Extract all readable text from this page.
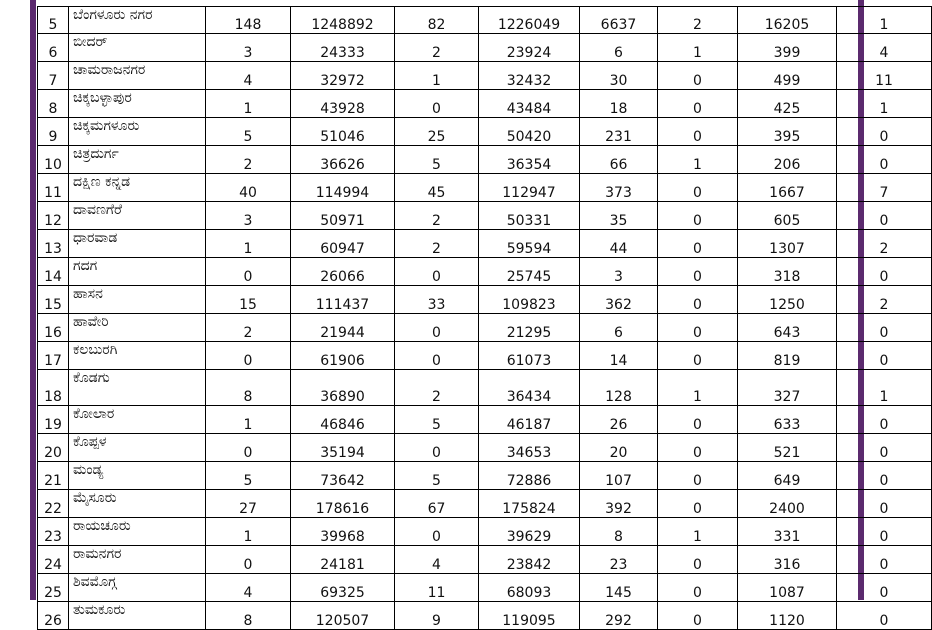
5	ಬೆಂಗಳೂರು ನಗರ	148	1248892	82	1226049	6637	2	16205	1
6	ಬೀದರ್	3	24333	2	23924	6	1	399	4
7	ಚಾಮರಾಜನಗರ	4	32972	1	32432	30	0	499	11
8	ಚಿಕ್ಕಬಳ್ಳಾಪುರ	1	43928	0	43484	18	0	425	1
9	ಚಿಕ್ಕಮಗಳೂರು	5	51046	25	50420	231	0	395	0
10	ಚಿತ್ರದುರ್ಗ	2	36626	5	36354	66	1	206	0
11	ದಕ್ಷಿಣ ಕನ್ನಡ	40	114994	45	112947	373	0	1667	7
12	ದಾವಣಗೆರೆ	3	50971	2	50331	35	0	605	0
13	ಧಾರವಾಡ	1	60947	2	59594	44	0	1307	2
14	ಗದಗ	0	26066	0	25745	3	0	318	0
15	ಹಾಸನ	15	111437	33	109823	362	0	1250	2
16	ಹಾವೇರಿ	2	21944	0	21295	6	0	643	0
17	ಕಲಬುರಗಿ	0	61906	0	61073	14	0	819	0
18	ಕೊಡಗು	8	36890	2	36434	128	1	327	1
19	ಕೋಲಾರ	1	46846	5	46187	26	0	633	0
20	ಕೊಪ್ಪಳ	0	35194	0	34653	20	0	521	0
21	ಮಂಡ್ಯ	5	73642	5	72886	107	0	649	0
22	ಮೈಸೂರು	27	178616	67	175824	392	0	2400	0
23	ರಾಯಚೂರು	1	39968	0	39629	8	1	331	0
24	ರಾಮನಗರ	0	24181	4	23842	23	0	316	0
25	ಶಿವಮೊಗ್ಗ	4	69325	11	68093	145	0	1087	0
26	ತುಮಕೂರು	8	120507	9	119095	292	0	1120	0
